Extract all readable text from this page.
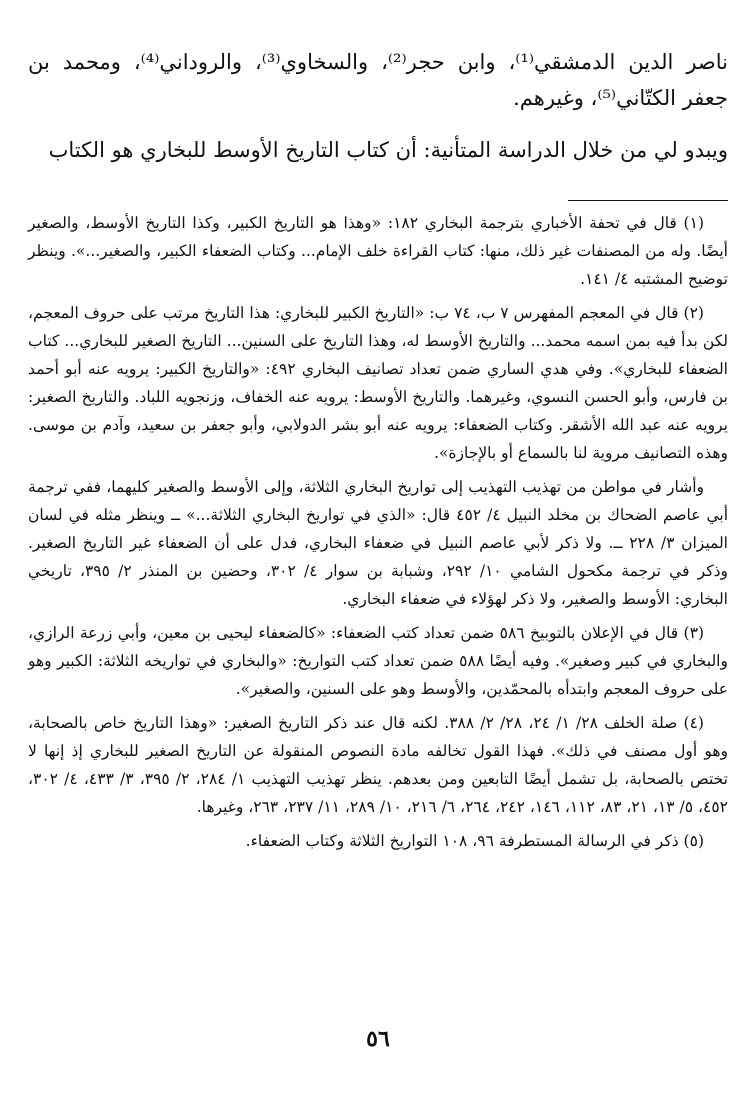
ناصر الدين الدمشقي⁽¹⁾، وابن حجر⁽²⁾، والسخاوي⁽³⁾، والروداني⁽⁴⁾، ومحمد بن جعفر الكتّاني⁽⁵⁾، وغيرهم.

ويبدو لي من خلال الدراسة المتأنية: أن كتاب التاريخ الأوسط للبخاري هو الكتاب

(١) قال في تحفة الأخباري بترجمة البخاري ١٨٢: «وهذا هو التاريخ الكبير، وكذا التاريخ الأوسط، والصغير أيضًا. وله من المصنفات غير ذلك، منها: كتاب القراءة خلف الإمام... وكتاب الضعفاء الكبير، والصغير...». وينظر توضيح المشتبه ٤/ ١٤١.

(٢) قال في المعجم المفهرس ٧ ب، ٧٤ ب: «التاريخ الكبير للبخاري: هذا التاريخ مرتب على حروف المعجم، لكن بدأ فيه بمن اسمه محمد... والتاريخ الأوسط له، وهذا التاريخ على السنين... التاريخ الصغير للبخاري... كتاب الضعفاء للبخاري». وفي هدي الساري ضمن تعداد تصانيف البخاري ٤٩٢: «والتاريخ الكبير: يرويه عنه أبو أحمد بن فارس، وأبو الحسن النسوي، وغيرهما. والتاريخ الأوسط: يرويه عنه الخفاف، وزنجويه اللباد. والتاريخ الصغير: يرويه عنه عبد الله الأشقر. وكتاب الضعفاء: يرويه عنه أبو بشر الدولابي، وأبو جعفر بن سعيد، وآدم بن موسى. وهذه التصانيف مروية لنا بالسماع أو بالإجازة».

وأشار في مواطن من تهذيب التهذيب إلى تواريخ البخاري الثلاثة، وإلى الأوسط والصغير كليهما، ففي ترجمة أبي عاصم الضحاك بن مخلد النبيل ٤/ ٤٥٢ قال: «الذي في تواريخ البخاري الثلاثة...» ــ وينظر مثله في لسان الميزان ٣/ ٢٢٨ ــ. ولا ذكر لأبي عاصم النبيل في ضعفاء البخاري، فدل على أن الضعفاء غير التاريخ الصغير. وذكر في ترجمة مكحول الشامي ١٠/ ٢٩٢، وشبابة بن سوار ٤/ ٣٠٢، وحضين بن المنذر ٢/ ٣٩٥، تاريخي البخاري: الأوسط والصغير، ولا ذكر لهؤلاء في ضعفاء البخاري.

(٣) قال في الإعلان بالتوبيخ ٥٨٦ ضمن تعداد كتب الضعفاء: «كالضعفاء ليحيى بن معين، وأبي زرعة الرازي، والبخاري في كبير وصغير». وفيه أيضًا ٥٨٨ ضمن تعداد كتب التواريخ: «والبخاري في تواريخه الثلاثة: الكبير وهو على حروف المعجم وابتدأه بالمحمّدين، والأوسط وهو على السنين، والصغير».

(٤) صلة الخلف ٢٨/ ١/ ٢٤، ٢٨/ ٢/ ٣٨٨. لكنه قال عند ذكر التاريخ الصغير: «وهذا التاريخ خاص بالصحابة، وهو أول مصنف في ذلك». فهذا القول تخالفه مادة النصوص المنقولة عن التاريخ الصغير للبخاري إذ إنها لا تختص بالصحابة، بل تشمل أيضًا التابعين ومن بعدهم. ينظر تهذيب التهذيب ١/ ٢٨٤، ٢/ ٣٩٥، ٣/ ٤٣٣، ٤/ ٣٠٢، ٤٥٢، ٥/ ١٣، ٢١، ٨٣، ١١٢، ١٤٦، ٢٤٢، ٢٦٤، ٦/ ٢١٦، ١٠/ ٢٨٩، ١١/ ٢٣٧، ٢٦٣، وغيرها.

(٥) ذكر في الرسالة المستطرفة ٩٦، ١٠٨ التواريخ الثلاثة وكتاب الضعفاء.

٥٦
